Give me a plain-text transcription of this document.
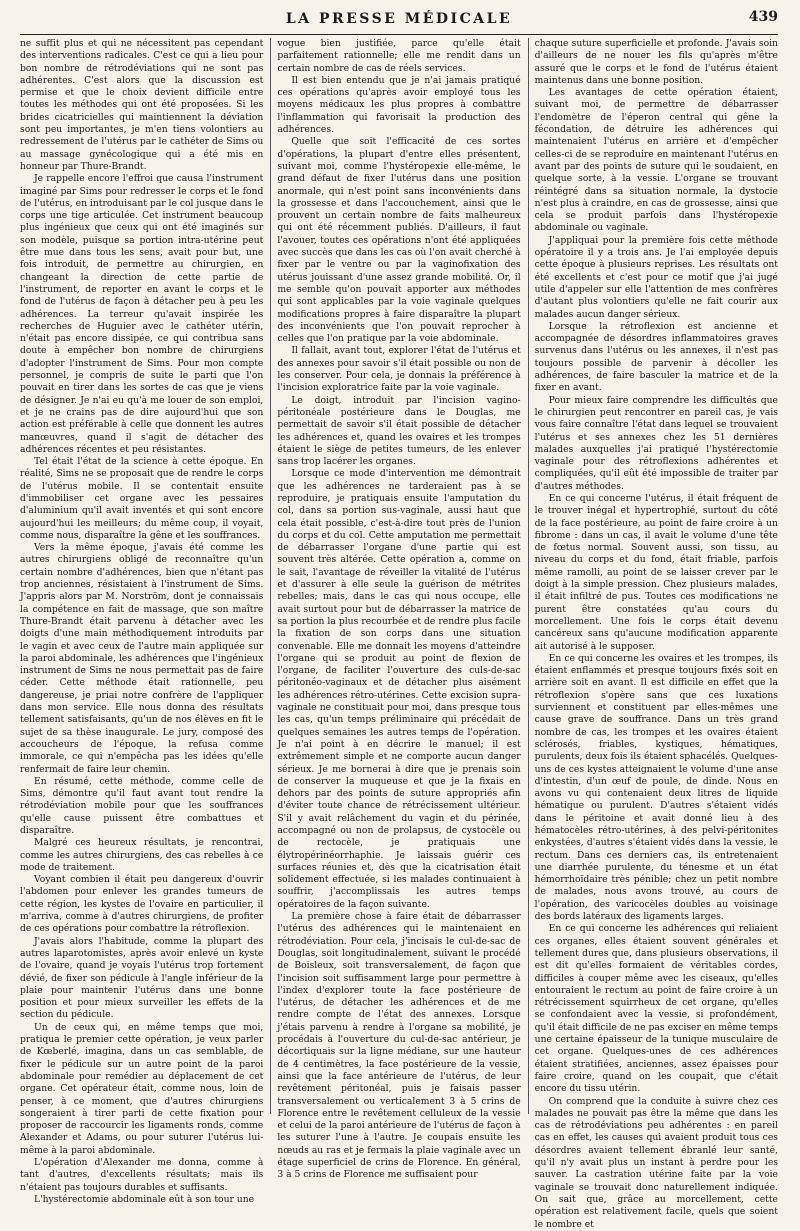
LA PRESSE MÉDICALE	439

ne suffit plus et qui ne nécessitent pas cependant des interventions radicales. C'est ce qui a lieu pour bon nombre de rétrodéviations qui ne sont pas adhérentes. C'est alors que la discussion est permise et que le choix devient difficile entre toutes les méthodes qui ont été proposées. Si les brides cicatricielles qui maintiennent la déviation sont peu importantes, je m'en tiens volontiers au redressement de l'utérus par le cathéter de Sims ou au massage gynécologique qui a été mis en honneur par Thure-Brandt.

Je rappelle encore l'effroi que causa l'instrument imaginé par Sims pour redresser le corps et le fond de l'utérus, en introduisant par le col jusque dans le corps une tige articulée. Cet instrument beaucoup plus ingénieux que ceux qui ont été imaginés sur son modèle, puisque sa portion intra-utérine peut être mue dans tous les sens, avait pour but, une fois introduit, de permettre au chirurgien, en changeant la direction de cette partie de l'instrument, de reporter en avant le corps et le fond de l'utérus de façon à détacher peu à peu les adhérences. La terreur qu'avait inspirée les recherches de Huguier avec le cathéter utérin, n'était pas encore dissipée, ce qui contribua sans doute à empêcher bon nombre de chirurgiens d'adopter l'instrument de Sims. Pour mon compte personnel, je compris de suite le parti que l'on pouvait en tirer dans les sortes de cas que je viens de désigner. Je n'ai eu qu'à me louer de son emploi, et je ne crains pas de dire aujourd'hui que son action est préférable à celle que donnent les autres manœuvres, quand il s'agit de détacher des adhérences récentes et peu résistantes.

Tel était l'état de la science à cette époque. En réalité, Sims ne se proposait que de rendre le corps de l'utérus mobile. Il se contentait ensuite d'immobiliser cet organe avec les pessaires d'aluminium qu'il avait inventés et qui sont encore aujourd'hui les meilleurs; du même coup, il voyait, comme nous, disparaître la gêne et les souffrances.

Vers la même époque, j'avais été comme les autres chirurgiens obligé de reconnaître qu'un certain nombre d'adhérences, bien que n'étant pas trop anciennes, résistaient à l'instrument de Sims. J'appris alors par M. Norström, dont je connaissais la compétence en fait de massage, que son maître Thure-Brandt était parvenu à détacher avec les doigts d'une main méthodiquement introduits par le vagin et avec ceux de l'autre main appliquée sur la paroi abdominale, les adhérences que l'ingénieux instrument de Sims ne nous permettait pas de faire céder. Cette méthode était rationnelle, peu dangereuse, je priai notre confrère de l'appliquer dans mon service. Elle nous donna des résultats tellement satisfaisants, qu'un de nos élèves en fit le sujet de sa thèse inaugurale. Le jury, composé des accoucheurs de l'époque, la refusa comme immorale, ce qui n'empêcha pas les idées qu'elle renfermait de faire leur chemin.

En résumé, cette méthode, comme celle de Sims, démontre qu'il faut avant tout rendre la rétrodéviation mobile pour que les souffrances qu'elle cause puissent être combattues et disparaître.

Malgré ces heureux résultats, je rencontrai, comme les autres chirurgiens, des cas rebelles à ce mode de traitement.

Voyant combien il était peu dangereux d'ouvrir l'abdomen pour enlever les grandes tumeurs de cette région, les kystes de l'ovaire en particulier, il m'arriva, comme à d'autres chirurgiens, de profiter de ces opérations pour combattre la rétroflexion.

J'avais alors l'habitude, comme la plupart des autres laparotomistes, après avoir enlevé un kyste de l'ovaire, quand je voyais l'utérus trop fortement dévié, de fixer son pédicule à l'angle inférieur de la plaie pour maintenir l'utérus dans une bonne position et pour mieux surveiller les effets de la section du pédicule.

Un de ceux qui, en même temps que moi, pratiqua le premier cette opération, je veux parler de Kœberlé, imagina, dans un cas semblable, de fixer le pédicule sur un autre point de la paroi abdominale pour remédier au déplacement de cet organe. Cet opérateur était, comme nous, loin de penser, à ce moment, que d'autres chirurgiens songeraient à tirer parti de cette fixation pour proposer de raccourcir les ligaments ronds, comme Alexander et Adams, ou pour suturer l'utérus lui-même à la paroi abdominale.

L'opération d'Alexander me donna, comme à tant d'autres, d'excellents résultats; mais ils n'étaient pas toujours durables et suffisants.

L'hystérectomie abdominale eût à son tour une

vogue bien justifiée, parce qu'elle était parfaitement rationnelle; elle me rendit dans un certain nombre de cas de réels services.

Il est bien entendu que je n'ai jamais pratiqué ces opérations qu'après avoir employé tous les moyens médicaux les plus propres à combattre l'inflammation qui favorisait la production des adhérences.

Quelle que soit l'efficacité de ces sortes d'opérations, la plupart d'entre elles présentent, suivant moi, comme l'hystéropexie elle-même, le grand défaut de fixer l'utérus dans une position anormale, qui n'est point sans inconvénients dans la grossesse et dans l'accouchement, ainsi que le prouvent un certain nombre de faits malheureux qui ont été récemment publiés. D'ailleurs, il faut l'avouer, toutes ces opérations n'ont été appliquées avec succès que dans les cas où l'on avait cherché à fixer par le ventre ou par la vaginofixation des utérus jouissant d'une assez grande mobilité. Or, il me semble qu'on pouvait apporter aux méthodes qui sont applicables par la voie vaginale quelques modifications propres à faire disparaître la plupart des inconvénients que l'on pouvait reprocher à celles que l'on pratique par la voie abdominale.

Il fallait, avant tout, explorer l'état de l'utérus et des annexes pour savoir s'il était possible ou non de les conserver. Pour cela, je donnais la préférence à l'incision exploratrice faite par la voie vaginale.

Le doigt, introduit par l'incision vagino-péritonéale postérieure dans le Douglas, me permettait de savoir s'il était possible de détacher les adhérences et, quand les ovaires et les trompes étaient le siège de petites tumeurs, de les enlever sans trop lacérer les organes.

Lorsque ce mode d'intervention me démontrait que les adhérences ne tarderaient pas à se reproduire, je pratiquais ensuite l'amputation du col, dans sa portion sus-vaginale, aussi haut que cela était possible, c'est-à-dire tout près de l'union du corps et du col. Cette amputation me permettait de débarrasser l'organe d'une partie qui est souvent très altérée. Cette opération a, comme on le sait, l'avantage de réveiller la vitalité de l'utérus et d'assurer à elle seule la guérison de métrites rebelles; mais, dans le cas qui nous occupe, elle avait surtout pour but de débarrasser la matrice de sa portion la plus recourbée et de rendre plus facile la fixation de son corps dans une situation convenable. Elle me donnait les moyens d'atteindre l'organe qui se produit au point de flexion de l'organe, de faciliter l'ouverture des culs-de-sac péritonéo-vaginaux et de détacher plus aisément les adhérences rétro-utérines. Cette excision supra-vaginale ne constituait pour moi, dans presque tous les cas, qu'un temps préliminaire qui précédait de quelques semaines les autres temps de l'opération. Je n'ai point à en décrire le manuel; il est extrêmement simple et ne comporte aucun danger sérieux. Je me bornerai à dire que je prenais soin de conserver la muqueuse et que je la fixais en dehors par des points de suture appropriés afin d'éviter toute chance de rétrécissement ultérieur. S'il y avait relâchement du vagin et du périnée, accompagné ou non de prolapsus, de cystocèle ou de rectocèle, je pratiquais une élytropérinéorrhaphie. Je laissais guérir ces surfaces réunies et, dès que la cicatrisation était solidement effectuée, si les malades continuaient à souffrir, j'accomplissais les autres temps opératoires de la façon suivante.

La première chose à faire était de débarrasser l'utérus des adhérences qui le maintenaient en rétrodéviation. Pour cela, j'incisais le cul-de-sac de Douglas, soit longitudinalement, suivant le procédé de Boisleux, soit transversalement, de façon que l'incision soit suffisamment large pour permettre à l'index d'explorer toute la face postérieure de l'utérus, de détacher les adhérences et de me rendre compte de l'état des annexes. Lorsque j'étais parvenu à rendre à l'organe sa mobilité, je procédais à l'ouverture du cul-de-sac antérieur, je décortiquais sur la ligne médiane, sur une hauteur de 4 centimètres, la face postérieure de la vessie, ainsi que la face antérieure de l'utérus, de leur revêtement péritonéal, puis je faisais passer transversalement ou verticalement 3 à 5 crins de Florence entre le revêtement celluleux de la vessie et celui de la paroi antérieure de l'utérus de façon à les suturer l'une à l'autre. Je coupais ensuite les nœuds au ras et je fermais la plaie vaginale avec un étage superficiel de crins de Florence. En général, 3 à 5 crins de Florence me suffisaient pour

chaque suture superficielle et profonde. J'avais soin d'ailleurs de ne nouer les fils qu'après m'être assuré que le corps et le fond de l'utérus étaient maintenus dans une bonne position.

Les avantages de cette opération étaient, suivant moi, de permettre de débarrasser l'endomètre de l'éperon central qui gêne la fécondation, de détruire les adhérences qui maintenaient l'utérus en arrière et d'empêcher celles-ci de se reproduire en maintenant l'utérus en avant par des points de suture qui le soudaient, en quelque sorte, à la vessie. L'organe se trouvant réintégré dans sa situation normale, la dystocie n'est plus à craindre, en cas de grossesse, ainsi que cela se produit parfois dans l'hystéropexie abdominale ou vaginale.

J'appliquai pour la première fois cette méthode opératoire il y a trois ans. Je l'ai employée depuis cette époque à plusieurs reprises. Les résultats ont été excellents et c'est pour ce motif que j'ai jugé utile d'appeler sur elle l'attention de mes confrères d'autant plus volontiers qu'elle ne fait courir aux malades aucun danger sérieux.

Lorsque la rétroflexion est ancienne et accompagnée de désordres inflammatoires graves survenus dans l'utérus ou les annexes, il n'est pas toujours possible de parvenir à décoller les adhérences, de faire basculer la matrice et de la fixer en avant.

Pour mieux faire comprendre les difficultés que le chirurgien peut rencontrer en pareil cas, je vais vous faire connaître l'état dans lequel se trouvaient l'utérus et ses annexes chez les 51 dernières malades auxquelles j'ai pratiqué l'hystérectomie vaginale pour des rétroflexions adhérentes et compliquées, qu'il eût été impossible de traiter par d'autres méthodes.

En ce qui concerne l'utérus, il était fréquent de le trouver inégal et hypertrophié, surtout du côté de la face postérieure, au point de faire croire à un fibrome : dans un cas, il avait le volume d'une tête de fœtus normal. Souvent aussi, son tissu, au niveau du corps et du fond, était friable, parfois même ramolli, au point de se laisser crever par le doigt à la simple pression. Chez plusieurs malades, il était infiltré de pus. Toutes ces modifications ne purent être constatées qu'au cours du morcellement. Une fois le corps était devenu cancéreux sans qu'aucune modification apparente ait autorisé à le supposer.

En ce qui concerne les ovaires et les trompes, ils étaient enflammés et presque toujours fixés soit en arrière soit en avant. Il est difficile en effet que la rétroflexion s'opère sans que ces luxations surviennent et constituent par elles-mêmes une cause grave de souffrance. Dans un très grand nombre de cas, les trompes et les ovaires étaient sclérosés, friables, kystiques, hématiques, purulents, deux fois ils étaient sphacélés. Quelques-uns de ces kystes atteignaient le volume d'une anse d'intestin, d'un œuf de poule, de dinde. Nous en avons vu qui contenaient deux litres de liquide hématique ou purulent. D'autres s'étaient vidés dans le péritoine et avait donné lieu à des hématocèles rétro-utérines, à des pelvi-péritonites enkystées, d'autres s'étaient vidés dans la vessie, le rectum. Dans ces derniers cas, ils entretenaient une diarrhée purulente, du ténesme et un état hémorrhoïdaire très pénible; chez un petit nombre de malades, nous avons trouvé, au cours de l'opération, des varicocèles doubles au voisinage des bords latéraux des ligaments larges.

En ce qui concerne les adhérences qui reliaient ces organes, elles étaient souvent générales et tellement dures que, dans plusieurs observations, il est dit qu'elles formaient de véritables cordes, difficiles à couper même avec les ciseaux, qu'elles entouraient le rectum au point de faire croire à un rétrécissement squirrheux de cet organe, qu'elles se confondaient avec la vessie, si profondément, qu'il était difficile de ne pas exciser en même temps une certaine épaisseur de la tunique musculaire de cet organe. Quelques-unes de ces adhérences étaient stratifiées, anciennes, assez épaisses pour faire croire, quand on les coupait, que c'était encore du tissu utérin.

On comprend que la conduite à suivre chez ces malades ne pouvait pas être la même que dans les cas de rétrodéviations peu adhérentes : en pareil cas en effet, les causes qui avaient produit tous ces désordres avaient tellement ébranlé leur santé, qu'il n'y avait plus un instant à perdre pour les sauver. La castration utérine faite par la voie vaginale se trouvait donc naturellement indiquée. On sait que, grâce au morcellement, cette opération est relativement facile, quels que soient le nombre et
